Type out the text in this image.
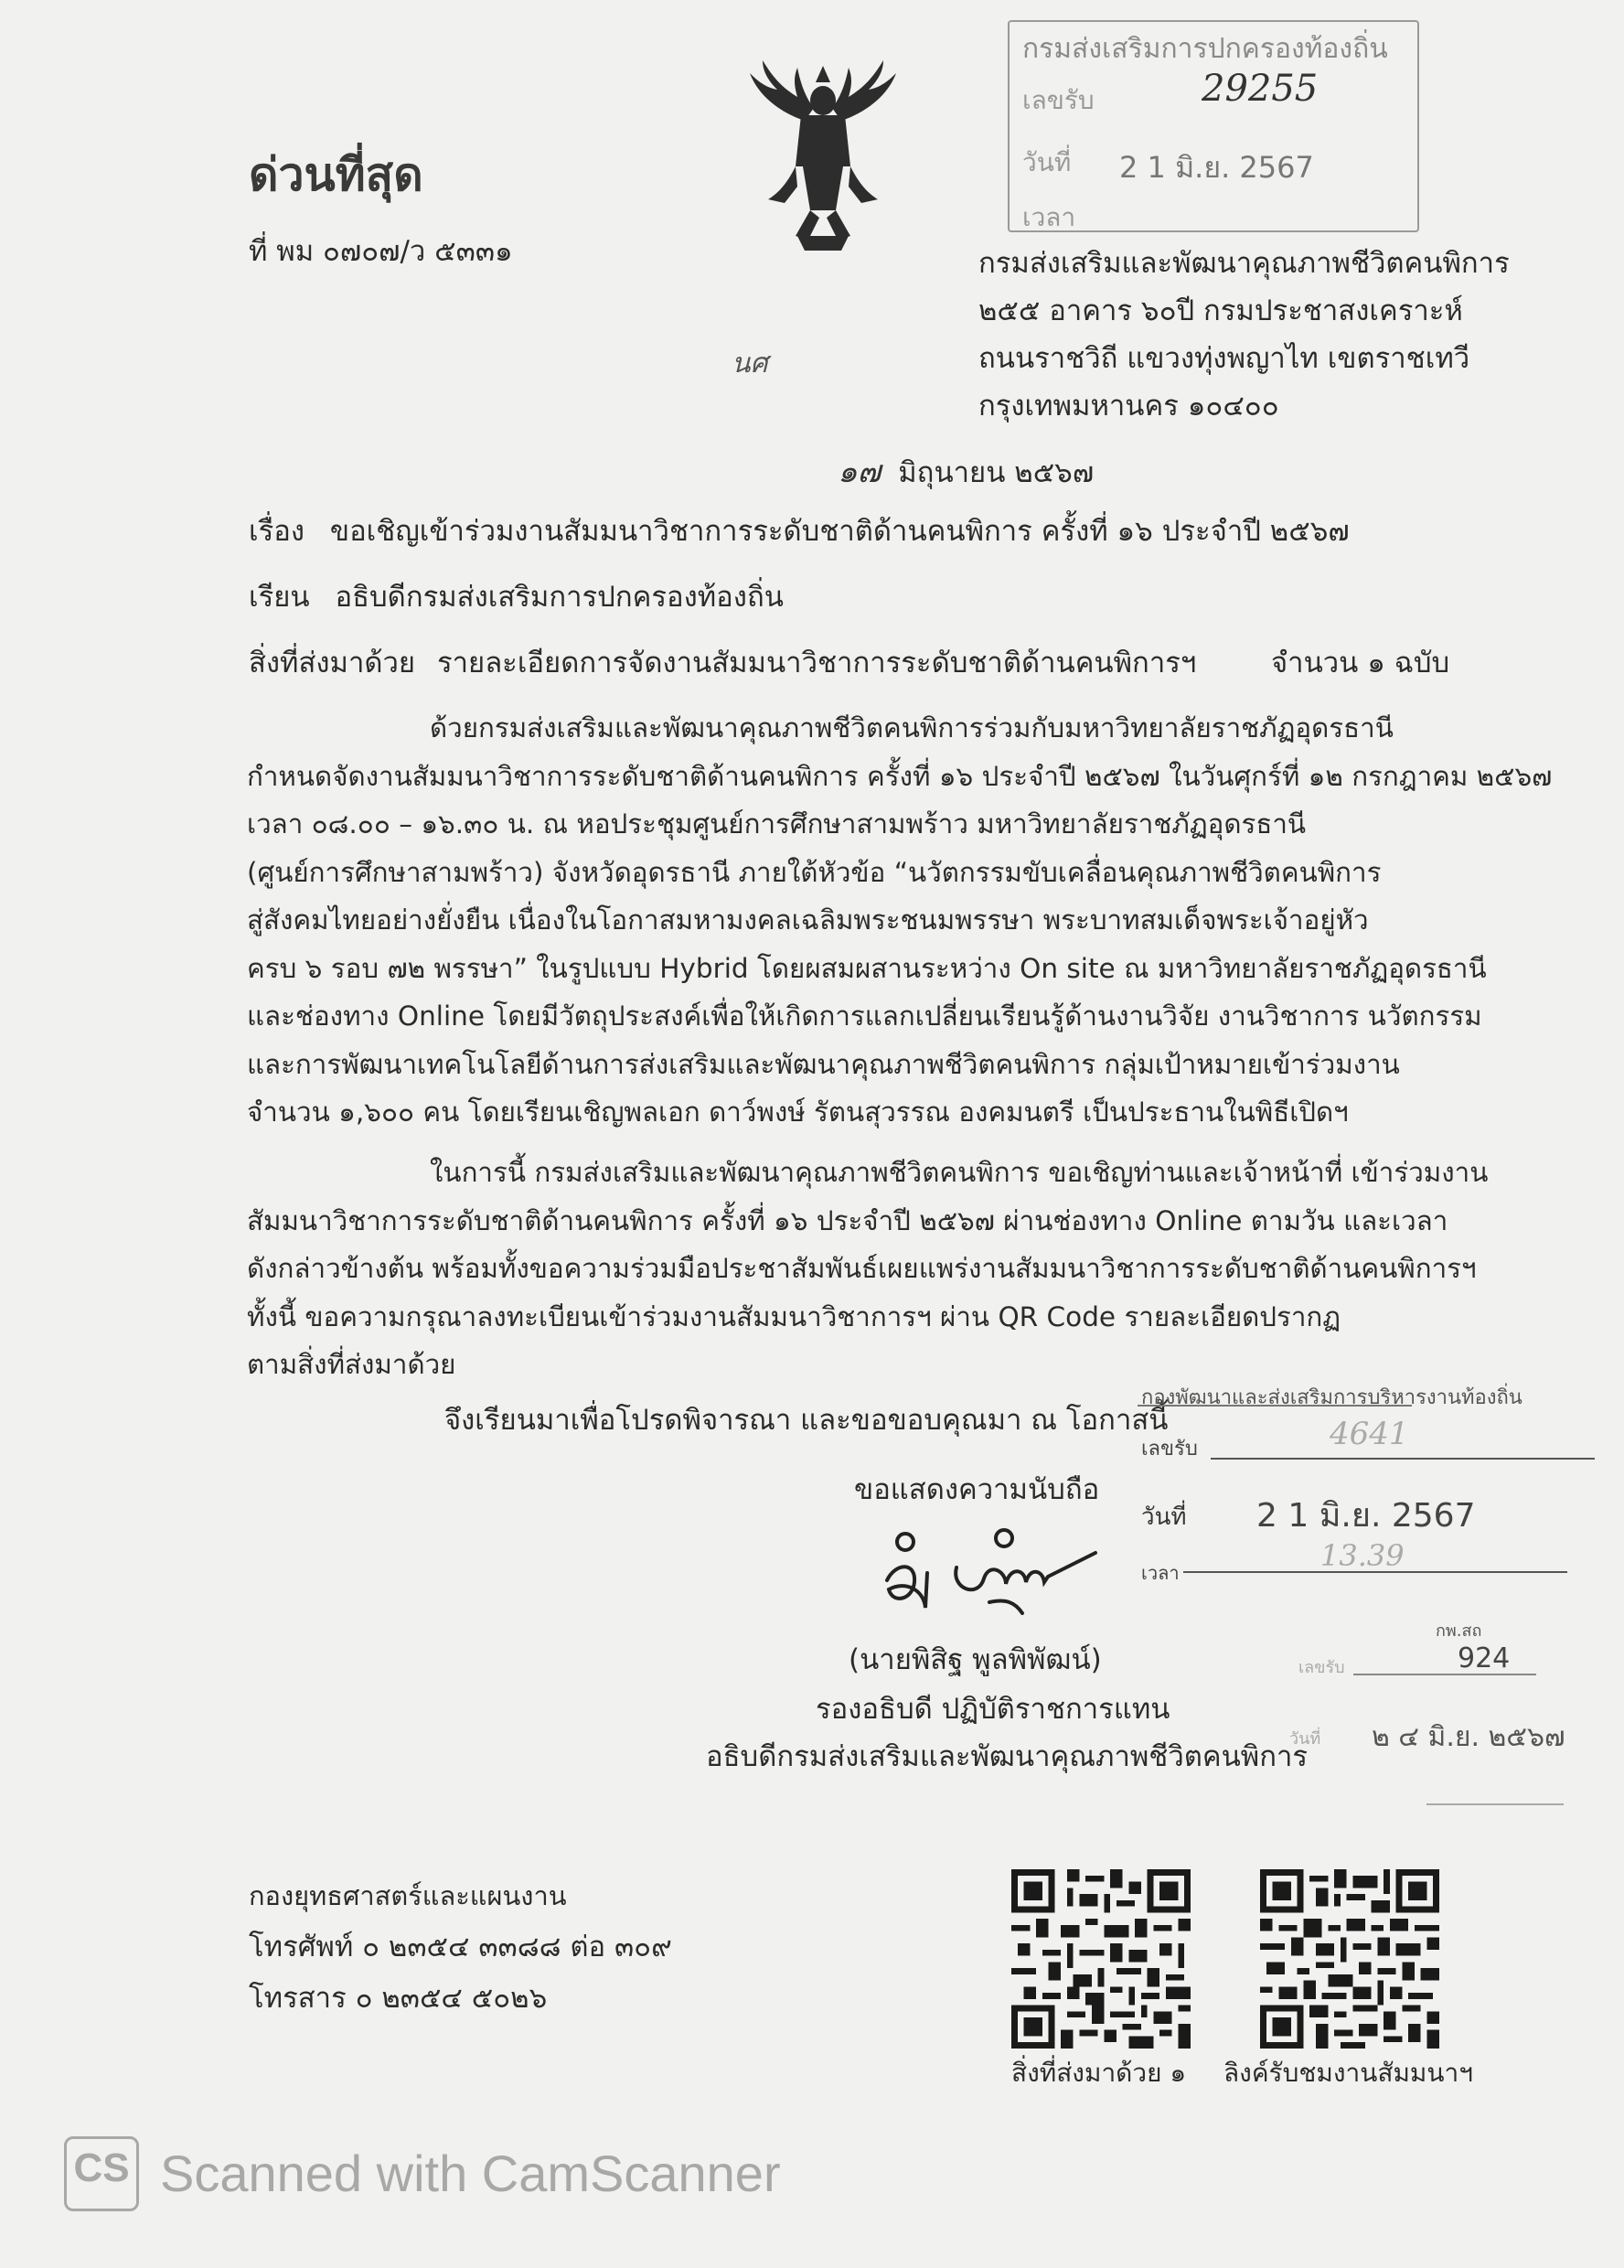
กรมส่งเสริมการปกครองท้องถิ่น
เลขรับ	29255
วันที่ 2 1 มิ.ย. 2567
เวลา
ด่วนที่สุด
ที่ พม ๐๗๐๗/ว ๕๓๓๑	กรมส่งเสริมและพัฒนาคุณภาพชีวิตคนพิการ
๒๕๕ อาคาร ๖๐ปี กรมประชาสงเคราะห์
ถนนราชวิถี แขวงทุ่งพญาไท เขตราชเทวี
กรุงเทพมหานคร ๑๐๔๐๐
นศ
๑๗ มิถุนายน ๒๕๖๗
เรื่อง ขอเชิญเข้าร่วมงานสัมมนาวิชาการระดับชาติด้านคนพิการ ครั้งที่ ๑๖ ประจำปี ๒๕๖๗
เรียน อธิบดีกรมส่งเสริมการปกครองท้องถิ่น
สิ่งที่ส่งมาด้วย รายละเอียดการจัดงานสัมมนาวิชาการระดับชาติด้านคนพิการฯ	จำนวน ๑ ฉบับ
ด้วยกรมส่งเสริมและพัฒนาคุณภาพชีวิตคนพิการร่วมกับมหาวิทยาลัยราชภัฏอุดรธานี
กำหนดจัดงานสัมมนาวิชาการระดับชาติด้านคนพิการ ครั้งที่ ๑๖ ประจำปี ๒๕๖๗ ในวันศุกร์ที่ ๑๒ กรกฎาคม ๒๕๖๗
เวลา ๐๘.๐๐ – ๑๖.๓๐ น. ณ หอประชุมศูนย์การศึกษาสามพร้าว มหาวิทยาลัยราชภัฏอุดรธานี
(ศูนย์การศึกษาสามพร้าว) จังหวัดอุดรธานี ภายใต้หัวข้อ “นวัตกรรมขับเคลื่อนคุณภาพชีวิตคนพิการ
สู่สังคมไทยอย่างยั่งยืน เนื่องในโอกาสมหามงคลเฉลิมพระชนมพรรษา พระบาทสมเด็จพระเจ้าอยู่หัว
ครบ ๖ รอบ ๗๒ พรรษา” ในรูปแบบ Hybrid โดยผสมผสานระหว่าง On site ณ มหาวิทยาลัยราชภัฏอุดรธานี
และช่องทาง Online โดยมีวัตถุประสงค์เพื่อให้เกิดการแลกเปลี่ยนเรียนรู้ด้านงานวิจัย งานวิชาการ นวัตกรรม
และการพัฒนาเทคโนโลยีด้านการส่งเสริมและพัฒนาคุณภาพชีวิตคนพิการ กลุ่มเป้าหมายเข้าร่วมงาน
จำนวน ๑,๖๐๐ คน โดยเรียนเชิญพลเอก ดาว์พงษ์ รัตนสุวรรณ องคมนตรี เป็นประธานในพิธีเปิดฯ
ในการนี้ กรมส่งเสริมและพัฒนาคุณภาพชีวิตคนพิการ ขอเชิญท่านและเจ้าหน้าที่ เข้าร่วมงาน
สัมมนาวิชาการระดับชาติด้านคนพิการ ครั้งที่ ๑๖ ประจำปี ๒๕๖๗ ผ่านช่องทาง Online ตามวัน และเวลา
ดังกล่าวข้างต้น พร้อมทั้งขอความร่วมมือประชาสัมพันธ์เผยแพร่งานสัมมนาวิชาการระดับชาติด้านคนพิการฯ
ทั้งนี้ ขอความกรุณาลงทะเบียนเข้าร่วมงานสัมมนาวิชาการฯ ผ่าน QR Code รายละเอียดปรากฏ
ตามสิ่งที่ส่งมาด้วย
จึงเรียนมาเพื่อโปรดพิจารณา และขอขอบคุณมา ณ โอกาสนี้
ขอแสดงความนับถือ
(นายพิสิฐ พูลพิพัฒน์)
รองอธิบดี ปฏิบัติราชการแทน
อธิบดีกรมส่งเสริมและพัฒนาคุณภาพชีวิตคนพิการ
กองพัฒนาและส่งเสริมการบริหารงานท้องถิ่น
เลขรับ	4641
วันที่ 2 1 มิ.ย. 2567
เวลา	13.39
กพ.สถ
เลขรับ	924
วันที่ ๒ ๔ มิ.ย. ๒๕๖๗
กองยุทธศาสตร์และแผนงาน
โทรศัพท์ ๐ ๒๓๕๔ ๓๓๘๘ ต่อ ๓๐๙
โทรสาร ๐ ๒๓๕๔ ๕๐๒๖
สิ่งที่ส่งมาด้วย ๑ ลิงค์รับชมงานสัมมนาฯ
CS Scanned with CamScanner
